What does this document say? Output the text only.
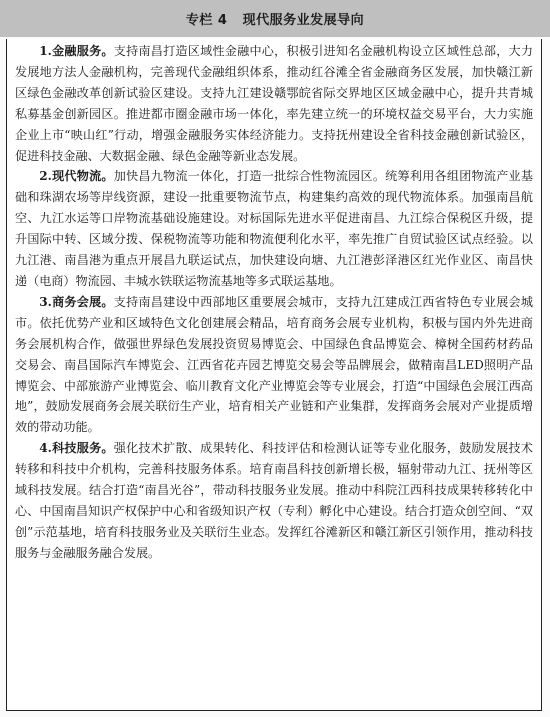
专栏 4 现代服务业发展导向

1.金融服务。支持南昌打造区域性金融中心，积极引进知名金融机构设立区域性总部，大力发展地方法人金融机构，完善现代金融组织体系，推动红谷滩全省金融商务区发展，加快赣江新区绿色金融改革创新试验区建设。支持九江建设赣鄂皖省际交界地区区域金融中心，提升共青城私募基金创新园区。推进都市圈金融市场一体化，率先建立统一的环境权益交易平台，大力实施企业上市“映山红”行动，增强金融服务实体经济能力。支持抚州建设全省科技金融创新试验区，促进科技金融、大数据金融、绿色金融等新业态发展。

2.现代物流。加快昌九物流一体化，打造一批综合性物流园区。统筹利用各组团物流产业基础和珠湖农场等岸线资源，建设一批重要物流节点，构建集约高效的现代物流体系。加强南昌航空、九江水运等口岸物流基础设施建设。对标国际先进水平促进南昌、九江综合保税区升级，提升国际中转、区域分拨、保税物流等功能和物流便利化水平，率先推广自贸试验区试点经验。以九江港、南昌港为重点开展昌九联运试点，加快建设向塘、九江港彭泽港区红光作业区、南昌快递（电商）物流园、丰城水铁联运物流基地等多式联运基地。

3.商务会展。支持南昌建设中西部地区重要展会城市，支持九江建成江西省特色专业展会城市。依托优势产业和区域特色文化创建展会精品，培育商务会展专业机构，积极与国内外先进商务会展机构合作，做强世界绿色发展投资贸易博览会、中国绿色食品博览会、樟树全国药材药品交易会、南昌国际汽车博览会、江西省花卉园艺博览交易会等品牌展会，做精南昌LED照明产品博览会、中部旅游产业博览会、临川教育文化产业博览会等专业展会，打造“中国绿色会展江西高地”，鼓励发展商务会展关联衍生产业，培育相关产业链和产业集群，发挥商务会展对产业提质增效的带动功能。

4.科技服务。强化技术扩散、成果转化、科技评估和检测认证等专业化服务，鼓励发展技术转移和科技中介机构，完善科技服务体系。培育南昌科技创新增长极，辐射带动九江、抚州等区域科技发展。结合打造“南昌光谷”，带动科技服务业发展。推动中科院江西科技成果转移转化中心、中国南昌知识产权保护中心和省级知识产权（专利）孵化中心建设。结合打造众创空间、“双创”示范基地，培育科技服务业及关联衍生业态。发挥红谷滩新区和赣江新区引领作用，推动科技服务与金融服务融合发展。
